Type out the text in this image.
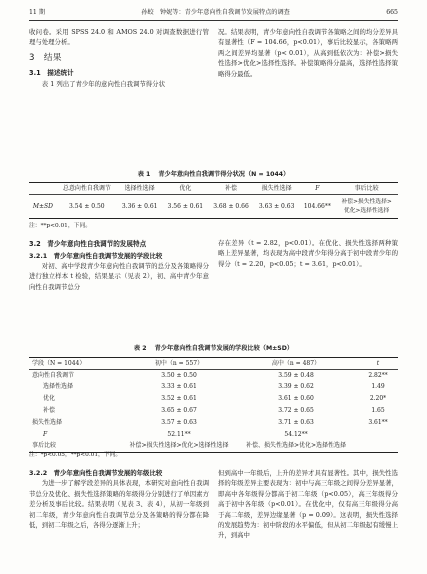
11 期	孙蛟　钟妮等：青少年意向性自我调节发展特点的调查	665

收问卷。采用 SPSS 24.0 和 AMOS 24.0 对调查数据进行管理与处理分析。

3　结果
3.1　描述统计

表 1 列出了青少年的意向性自我调节得分状

况。结果表明，青少年意向性自我调节各策略之间的均分差异具有显著性（F = 104.66，p<0.01），事后比较显示，各策略两两之间差异均显著（p< 0.01），从高到低依次为：补偿>损失性选择>优化>选择性选择。补偿策略得分最高，选择性选择策略得分最低。

表 1 青少年意向性自我调节得分状况（N = 1044）
	总意向性自我调节	选择性选择	优化	补偿	损失性选择	F	事后比较
M±SD	3.54 ± 0.50	3.36 ± 0.61	3.56 ± 0.61	3.68 ± 0.66	3.63 ± 0.63	104.66**	补偿>损失性选择>
优化>选择性选择
注：**p<0.01，下同。
3.2　青少年意向性自我调节的发展特点
3.2.1　青少年意向性自我调节发展的学段比较

对初、高中学段青少年意向性自我调节的总分及各策略得分进行独立样本 t 检验，结果显示（见表 2），初、高中青少年意向性自我调节总分

存在差异（t = 2.82，p<0.01）。在优化、损失性选择两种策略上差异显著，均表现为高中段青少年得分高于初中段青少年的得分（t = 2.20，p<0.05；t = 3.61，p<0.01）。

表 2 青少年意向性自我调节发展的学段比较（M±SD）
学段（N = 1044）	初中（n = 557）	高中（n = 487）	t
意向性自我调节	3.50 ± 0.50	3.59 ± 0.48	2.82**
选择性选择	3.33 ± 0.61	3.39 ± 0.62	1.49
优化	3.52 ± 0.61	3.61 ± 0.60	2.20*
补偿	3.65 ± 0.67	3.72 ± 0.65	1.65
损失性选择	3.57 ± 0.63	3.71 ± 0.63	3.61**
F	52.11**	54.12**	
事后比较	补偿>损失性选择>优化>选择性选择	补偿、损失性选择>优化>选择性选择	
注：*p<0.05，**p<0.01，下同。
3.2.2　青少年意向性自我调节发展的年级比较

为进一步了解学段差异的具体表现，本研究对意向性自我调节总分及优化、损失性选择策略的年级得分分别进行了单因素方差分析及事后比较。结果表明（见表 3、表 4），从初一年级到初二年级，青少年意向性自我调节总分及各策略的得分都在降低，到初二年级之后，各得分逐渐上升；

但到高中一年级后，上升的差异才具有显著性。其中，损失性选择的年级差异主要表现为：初中与高三年级之间得分差异显著，即高中各年级得分都高于初二年级（p<0.05），高三年级得分高于初中各年级（p<0.01）。在优化中，仅有高三年级得分高于高二年级，差异边缘显著（p = 0.09）。这表明，损失性选择的发展趋势为：初中阶段的水平偏低，但从初二年级起有缓慢上升，到高中
